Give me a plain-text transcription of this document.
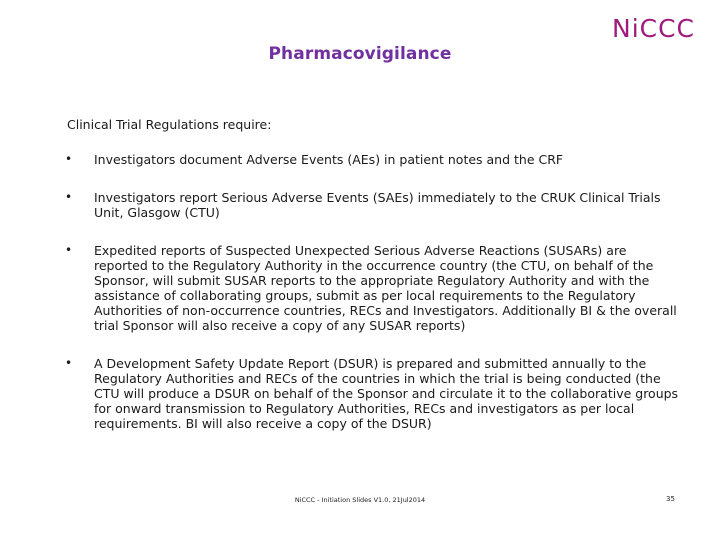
Pharmacovigilance
NiCCC
Clinical Trial Regulations require:
• Investigators document Adverse Events (AEs) in patient notes and the CRF
• Investigators report Serious Adverse Events (SAEs) immediately to the CRUK Clinical Trials Unit, Glasgow (CTU)
• Expedited reports of Suspected Unexpected Serious Adverse Reactions (SUSARs) are reported to the Regulatory Authority in the occurrence country (the CTU, on behalf of the Sponsor, will submit SUSAR reports to the appropriate Regulatory Authority and with the assistance of collaborating groups, submit as per local requirements to the Regulatory Authorities of non-occurrence countries, RECs and Investigators. Additionally BI & the overall trial Sponsor will also receive a copy of any SUSAR reports)
• A Development Safety Update Report (DSUR) is prepared and submitted annually to the Regulatory Authorities and RECs of the countries in which the trial is being conducted (the CTU will produce a DSUR on behalf of the Sponsor and circulate it to the collaborative groups for onward transmission to Regulatory Authorities, RECs and investigators as per local requirements. BI will also receive a copy of the DSUR)
NiCCC - Initiation Slides V1.0, 21Jul2014	35
